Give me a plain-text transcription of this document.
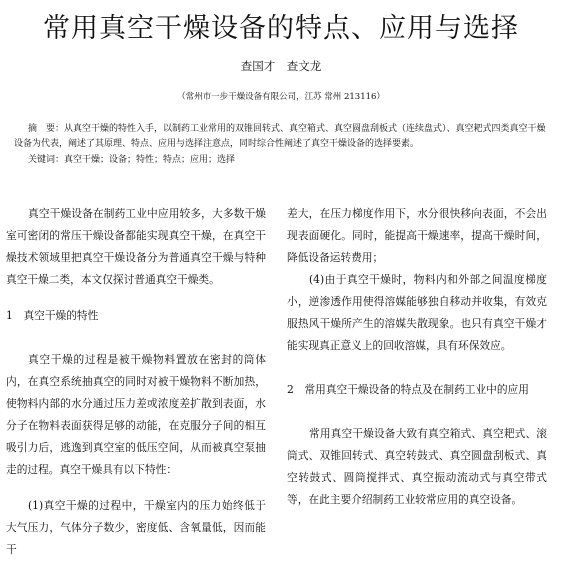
常用真空干燥设备的特点、应用与选择
查国才　查文龙
（常州市一步干燥设备有限公司，江苏 常州 213116）
摘　要：从真空干燥的特性入手，以制药工业常用的双锥回转式、真空箱式、真空圆盘刮板式（连续盘式）、真空耙式四类真空干燥设备为代表，阐述了其原理、特点、应用与选择注意点，同时综合性阐述了真空干燥设备的选择要素。
关键词：真空干燥；设备；特性；特点；应用；选择

真空干燥设备在制药工业中应用较多，大多数干燥室可密闭的常压干燥设备都能实现真空干燥，在真空干燥技术领域里把真空干燥设备分为普通真空干燥与特种真空干燥二类，本文仅探讨普通真空干燥类。

1　真空干燥的特性

真空干燥的过程是被干燥物料置放在密封的筒体内，在真空系统抽真空的同时对被干燥物料不断加热，使物料内部的水分通过压力差或浓度差扩散到表面，水分子在物料表面获得足够的动能，在克服分子间的相互吸引力后，逃逸到真空室的低压空间，从而被真空泵抽走的过程。真空干燥具有以下特性：

(1)真空干燥的过程中，干燥室内的压力始终低于大气压力，气体分子数少，密度低、含氧量低，因而能干

差大，在压力梯度作用下，水分很快移向表面，不会出现表面硬化。同时，能提高干燥速率，提高干燥时间，降低设备运转费用；

(4)由于真空干燥时，物料内和外部之间温度梯度小，逆渗透作用使得溶媒能够独自移动并收集，有效克服热风干燥所产生的溶媒失散现象。也只有真空干燥才能实现真正意义上的回收溶媒，具有环保效应。

2　常用真空干燥设备的特点及在制药工业中的应用

常用真空干燥设备大致有真空箱式、真空耙式、滚筒式、双锥回转式、真空转鼓式、真空圆盘刮板式、真空转鼓式、圆筒搅拌式、真空振动流动式与真空带式等，在此主要介绍制药工业较常应用的真空设备。
